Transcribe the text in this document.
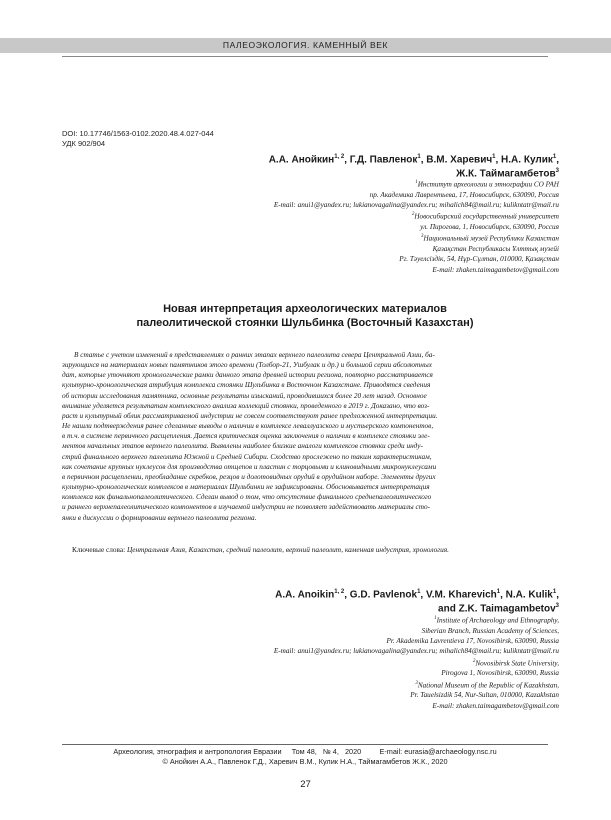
ПАЛЕОЭКОЛОГИЯ. КАМЕННЫЙ ВЕК
DOI: 10.17746/1563-0102.2020.48.4.027-044
УДК 902/904
А.А. Анойкин$^{1, 2}$, Г.Д. Павленок$^1$, В.М. Харевич$^1$, Н.А. Кулик$^1$,
Ж.К. Таймагамбетов$^3$
$^1$Институт археологии и этнографии СО РАН
пр. Академика Лаврентьева, 17, Новосибирск, 630090, Россия
E-mail: anui1@yandex.ru; lukianovagalina@yandex.ru; mihalich84@mail.ru; kulikntatr@mail.ru
$^2$Новосибирский государственный университет
ул. Пирогова, 1, Новосибирск, 630090, Россия
$^3$Национальный музей Республики Казахстан
Қазақстан Республикасы Ұлттық музейі
Рг. Тәуелсіздік, 54, Нұр-Сұлтан, 010000, Қазақстан
E-mail: zhaken.taimagambetov@gmail.com
Новая интерпретация археологических материалов
палеолитической стоянки Шульбинка (Восточный Казахстан)
В статье с учетом изменений в представлениях о ранних этапах верхнего палеолита севера Центральной Азии, ба-
зирующихся на материалах новых памятников этого времени (Толбор-21, Ушбулак и др.) и большой серии абсолютных
дат, которые уточняют хронологические рамки данного этапа древней истории региона, повторно рассматривается
культурно-хронологическая атрибуция комплекса стоянки Шульбинка в Восточном Казахстане. Приводятся сведения
об истории исследования памятника, основные результаты изысканий, проводившихся более 20 лет назад. Основное
внимание уделяется результатам комплексного анализа коллекций стоянки, проведенного в 2019 г. Доказано, что воз-
раст и культурный облик рассматриваемой индустрии не совсем соответствуют ранее предложенной интерпретации.
Не нашли подтверждения ранее сделанные выводы о наличии в комплексе леваллуазского и мустьерского компонентов,
в т.ч. в системе первичного расщепления. Дается критическая оценка заключения о наличии в комплексе стоянки эле-
ментов начальных этапов верхнего палеолита. Выявлены наиболее близкие аналоги комплексов стоянки среди инду-
стрий финального верхнего палеолита Южной и Средней Сибири. Сходство прослежено по таким характеристикам,
как сочетание крупных нуклеусов для производства отщепов и пластин с торцовыми и клиновидными микронуклеусами
в первичном расщеплении, преобладание скребков, резцов и долотовидных орудий в орудийном наборе. Элементы других
культурно-хронологических комплексов в материалах Шульбинки не зафиксированы. Обосновывается интерпретация
комплекса как финальнопалеолитического. Сделан вывод о том, что отсутствие финального среднепалеолитического
и раннего верхнепалеолитического компонентов в изучаемой индустрии не позволяет задействовать материалы сто-
янки в дискуссии о формировании верхнего палеолита региона.
Ключевые слова: Центральная Азия, Казахстан, средний палеолит, верхний палеолит, каменная индустрия, хронология.
A.A. Anoikin$^{1, 2}$, G.D. Pavlenok$^1$, V.M. Kharevich$^1$, N.A. Kulik$^1$,
and Z.K. Taimagambetov$^3$
$^1$Institute of Archaeology and Ethnography,
Siberian Branch, Russian Academy of Sciences,
Pr. Akademika Lavrentieva 17, Novosibirsk, 630090, Russia
E-mail: anui1@yandex.ru; lukianovagalina@yandex.ru; mihalich84@mail.ru; kulikntatr@mail.ru
$^2$Novosibirsk State University,
Pirogova 1, Novosibirsk, 630090, Russia
$^3$National Museum of the Republic of Kazakhstan,
Pr. Tauelsizdik 54, Nur-Sultan, 010000, Kazakhstan
E-mail: zhaken.taimagambetov@gmail.com
Археология, этнография и антропология Евразии Том 48, № 4, 2020	E-mail: eurasia@archaeology.nsc.ru
© Анойкин А.А., Павленок Г.Д., Харевич В.М., Кулик Н.А., Таймагамбетов Ж.К., 2020
27
